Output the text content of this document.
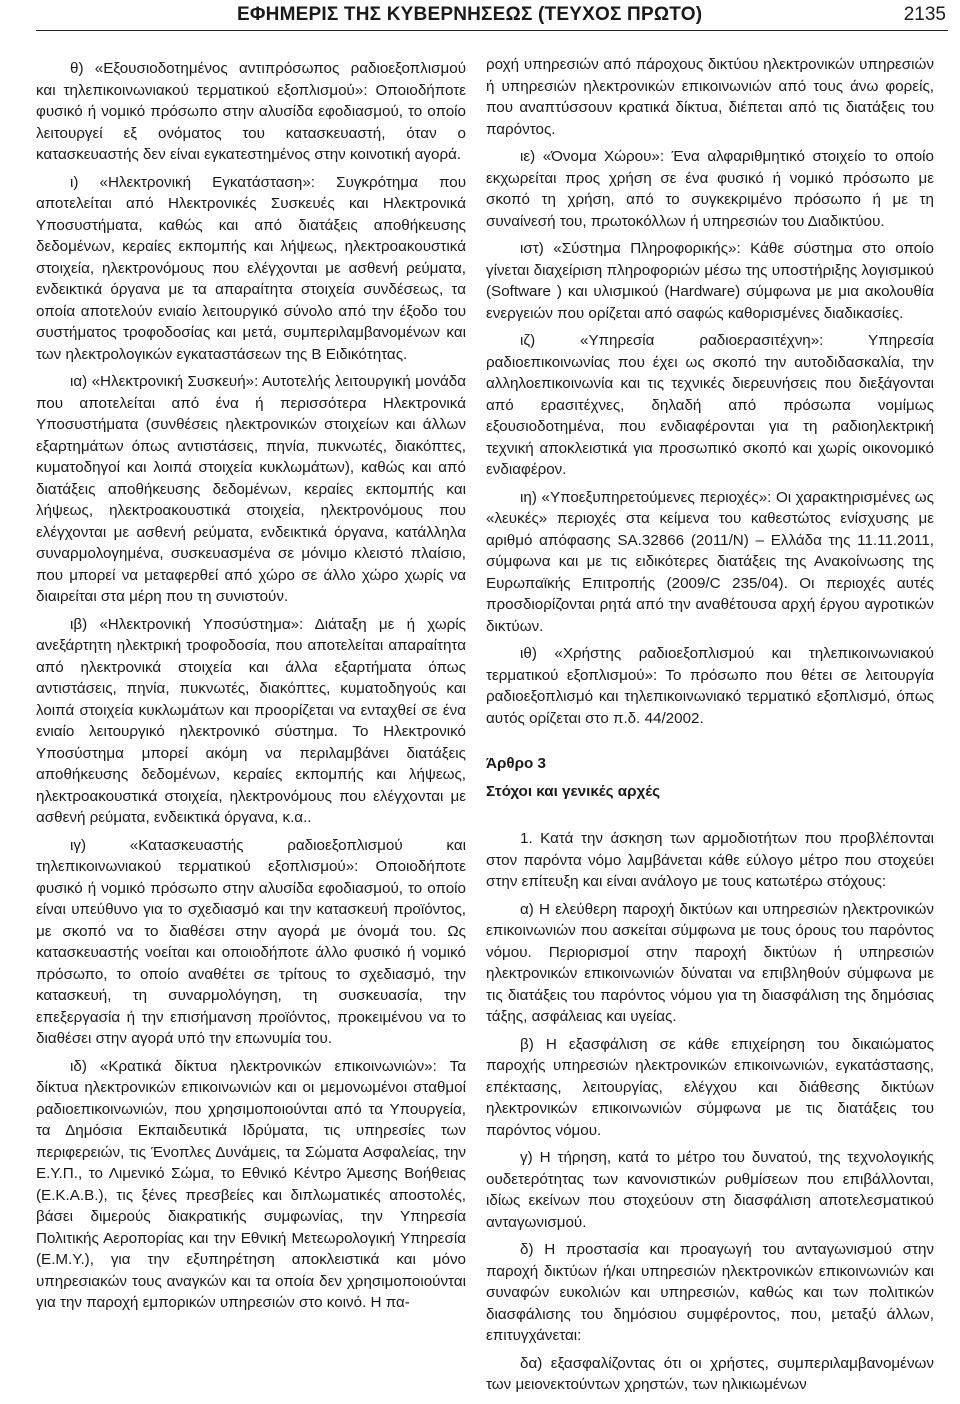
ΕΦΗΜΕΡΙΣ ΤΗΣ ΚΥΒΕΡΝΗΣΕΩΣ (ΤΕΥΧΟΣ ΠΡΩΤΟ)	2135

θ) «Εξουσιοδοτημένος αντιπρόσωπος ραδιοεξοπλισμού και τηλεπικοινωνιακού τερματικού εξοπλισμού»: Οποιοδήποτε φυσικό ή νομικό πρόσωπο στην αλυσίδα εφοδιασμού, το οποίο λειτουργεί εξ ονόματος του κατασκευαστή, όταν ο κατασκευαστής δεν είναι εγκατεστημένος στην κοινοτική αγορά.

ι) «Ηλεκτρονική Εγκατάσταση»: Συγκρότημα που αποτελείται από Ηλεκτρονικές Συσκευές και Ηλεκτρονικά Υποσυστήματα, καθώς και από διατάξεις αποθήκευσης δεδομένων, κεραίες εκπομπής και λήψεως, ηλεκτροακουστικά στοιχεία, ηλεκτρονόμους που ελέγχονται με ασθενή ρεύματα, ενδεικτικά όργανα με τα απαραίτητα στοιχεία συνδέσεως, τα οποία αποτελούν ενιαίο λειτουργικό σύνολο από την έξοδο του συστήματος τροφοδοσίας και μετά, συμπεριλαμβανομένων και των ηλεκτρολογικών εγκαταστάσεων της Β Ειδικότητας.

ια) «Ηλεκτρονική Συσκευή»: Αυτοτελής λειτουργική μονάδα που αποτελείται από ένα ή περισσότερα Ηλεκτρονικά Υποσυστήματα (συνθέσεις ηλεκτρονικών στοιχείων και άλλων εξαρτημάτων όπως αντιστάσεις, πηνία, πυκνωτές, διακόπτες, κυματοδηγοί και λοιπά στοιχεία κυκλωμάτων), καθώς και από διατάξεις αποθήκευσης δεδομένων, κεραίες εκπομπής και λήψεως, ηλεκτροακουστικά στοιχεία, ηλεκτρονόμους που ελέγχονται με ασθενή ρεύματα, ενδεικτικά όργανα, κατάλληλα συναρμολογημένα, συσκευασμένα σε μόνιμο κλειστό πλαίσιο, που μπορεί να μεταφερθεί από χώρο σε άλλο χώρο χωρίς να διαιρείται στα μέρη που τη συνιστούν.

ιβ) «Ηλεκτρονική Υποσύστημα»: Διάταξη με ή χωρίς ανεξάρτητη ηλεκτρική τροφοδοσία, που αποτελείται απαραίτητα από ηλεκτρονικά στοιχεία και άλλα εξαρτήματα όπως αντιστάσεις, πηνία, πυκνωτές, διακόπτες, κυματοδηγούς και λοιπά στοιχεία κυκλωμάτων και προορίζεται να ενταχθεί σε ένα ενιαίο λειτουργικό ηλεκτρονικό σύστημα. Το Ηλεκτρονικό Υποσύστημα μπορεί ακόμη να περιλαμβάνει διατάξεις αποθήκευσης δεδομένων, κεραίες εκπομπής και λήψεως, ηλεκτροακουστικά στοιχεία, ηλεκτρονόμους που ελέγχονται με ασθενή ρεύματα, ενδεικτικά όργανα, κ.α..

ιγ) «Κατασκευαστής ραδιοεξοπλισμού και τηλεπικοινωνιακού τερματικού εξοπλισμού»: Οποιοδήποτε φυσικό ή νομικό πρόσωπο στην αλυσίδα εφοδιασμού, το οποίο είναι υπεύθυνο για το σχεδιασμό και την κατασκευή προϊόντος, με σκοπό να το διαθέσει στην αγορά με όνομά του. Ως κατασκευαστής νοείται και οποιοδήποτε άλλο φυσικό ή νομικό πρόσωπο, το οποίο αναθέτει σε τρίτους το σχεδιασμό, την κατασκευή, τη συναρμολόγηση, τη συσκευασία, την επεξεργασία ή την επισήμανση προϊόντος, προκειμένου να το διαθέσει στην αγορά υπό την επωνυμία του.

ιδ) «Κρατικά δίκτυα ηλεκτρονικών επικοινωνιών»: Τα δίκτυα ηλεκτρονικών επικοινωνιών και οι μεμονωμένοι σταθμοί ραδιοεπικοινωνιών, που χρησιμοποιούνται από τα Υπουργεία, τα Δημόσια Εκπαιδευτικά Ιδρύματα, τις υπηρεσίες των περιφερειών, τις Ένοπλες Δυνάμεις, τα Σώματα Ασφαλείας, την Ε.Υ.Π., το Λιμενικό Σώμα, το Εθνικό Κέντρο Άμεσης Βοήθειας (Ε.Κ.Α.Β.), τις ξένες πρεσβείες και διπλωματικές αποστολές, βάσει διμερούς διακρατικής συμφωνίας, την Υπηρεσία Πολιτικής Αεροπορίας και την Εθνική Μετεωρολογική Υπηρεσία (Ε.Μ.Υ.), για την εξυπηρέτηση αποκλειστικά και μόνο υπηρεσιακών τους αναγκών και τα οποία δεν χρησιμοποιούνται για την παροχή εμπορικών υπηρεσιών στο κοινό. Η πα-

ροχή υπηρεσιών από πάροχους δικτύου ηλεκτρονικών υπηρεσιών ή υπηρεσιών ηλεκτρονικών επικοινωνιών από τους άνω φορείς, που αναπτύσσουν κρατικά δίκτυα, διέπεται από τις διατάξεις του παρόντος.

ιε) «Όνομα Χώρου»: Ένα αλφαριθμητικό στοιχείο το οποίο εκχωρείται προς χρήση σε ένα φυσικό ή νομικό πρόσωπο με σκοπό τη χρήση, από το συγκεκριμένο πρόσωπο ή με τη συναίνεσή του, πρωτοκόλλων ή υπηρεσιών του Διαδικτύου.

ιστ) «Σύστημα Πληροφορικής»: Κάθε σύστημα στο οποίο γίνεται διαχείριση πληροφοριών μέσω της υποστήριξης λογισμικού (Software ) και υλισμικού (Hardware) σύμφωνα με μια ακολουθία ενεργειών που ορίζεται από σαφώς καθορισμένες διαδικασίες.

ιζ) «Υπηρεσία ραδιοερασιτέχνη»: Υπηρεσία ραδιοεπικοινωνίας που έχει ως σκοπό την αυτοδιδασκαλία, την αλληλοεπικοινωνία και τις τεχνικές διερευνήσεις που διεξάγονται από ερασιτέχνες, δηλαδή από πρόσωπα νομίμως εξουσιοδοτημένα, που ενδιαφέρονται για τη ραδιοηλεκτρική τεχνική αποκλειστικά για προσωπικό σκοπό και χωρίς οικονομικό ενδιαφέρον.

ιη) «Υποεξυπηρετούμενες περιοχές»: Οι χαρακτηρισμένες ως «λευκές» περιοχές στα κείμενα του καθεστώτος ενίσχυσης με αριθμό απόφασης SA.32866 (2011/N) – Ελλάδα της 11.11.2011, σύμφωνα και με τις ειδικότερες διατάξεις της Ανακοίνωσης της Ευρωπαϊκής Επιτροπής (2009/C 235/04). Οι περιοχές αυτές προσδιορίζονται ρητά από την αναθέτουσα αρχή έργου αγροτικών δικτύων.

ιθ) «Χρήστης ραδιοεξοπλισμού και τηλεπικοινωνιακού τερματικού εξοπλισμού»: Το πρόσωπο που θέτει σε λειτουργία ραδιοεξοπλισμό και τηλεπικοινωνιακό τερματικό εξοπλισμό, όπως αυτός ορίζεται στο π.δ. 44/2002.

Άρθρο 3

Στόχοι και γενικές αρχές

1. Κατά την άσκηση των αρμοδιοτήτων που προβλέπονται στον παρόντα νόμο λαμβάνεται κάθε εύλογο μέτρο που στοχεύει στην επίτευξη και είναι ανάλογο με τους κατωτέρω στόχους:

α) Η ελεύθερη παροχή δικτύων και υπηρεσιών ηλεκτρονικών επικοινωνιών που ασκείται σύμφωνα με τους όρους του παρόντος νόμου. Περιορισμοί στην παροχή δικτύων ή υπηρεσιών ηλεκτρονικών επικοινωνιών δύναται να επιβληθούν σύμφωνα με τις διατάξεις του παρόντος νόμου για τη διασφάλιση της δημόσιας τάξης, ασφάλειας και υγείας.

β) Η εξασφάλιση σε κάθε επιχείρηση του δικαιώματος παροχής υπηρεσιών ηλεκτρονικών επικοινωνιών, εγκατάστασης, επέκτασης, λειτουργίας, ελέγχου και διάθεσης δικτύων ηλεκτρονικών επικοινωνιών σύμφωνα με τις διατάξεις του παρόντος νόμου.

γ) Η τήρηση, κατά το μέτρο του δυνατού, της τεχνολογικής ουδετερότητας των κανονιστικών ρυθμίσεων που επιβάλλονται, ιδίως εκείνων που στοχεύουν στη διασφάλιση αποτελεσματικού ανταγωνισμού.

δ) Η προστασία και προαγωγή του ανταγωνισμού στην παροχή δικτύων ή/και υπηρεσιών ηλεκτρονικών επικοινωνιών και συναφών ευκολιών και υπηρεσιών, καθώς και των πολιτικών διασφάλισης του δημόσιου συμφέροντος, που, μεταξύ άλλων, επιτυγχάνεται:

δα) εξασφαλίζοντας ότι οι χρήστες, συμπεριλαμβανομένων των μειονεκτούντων χρηστών, των ηλικιωμένων
